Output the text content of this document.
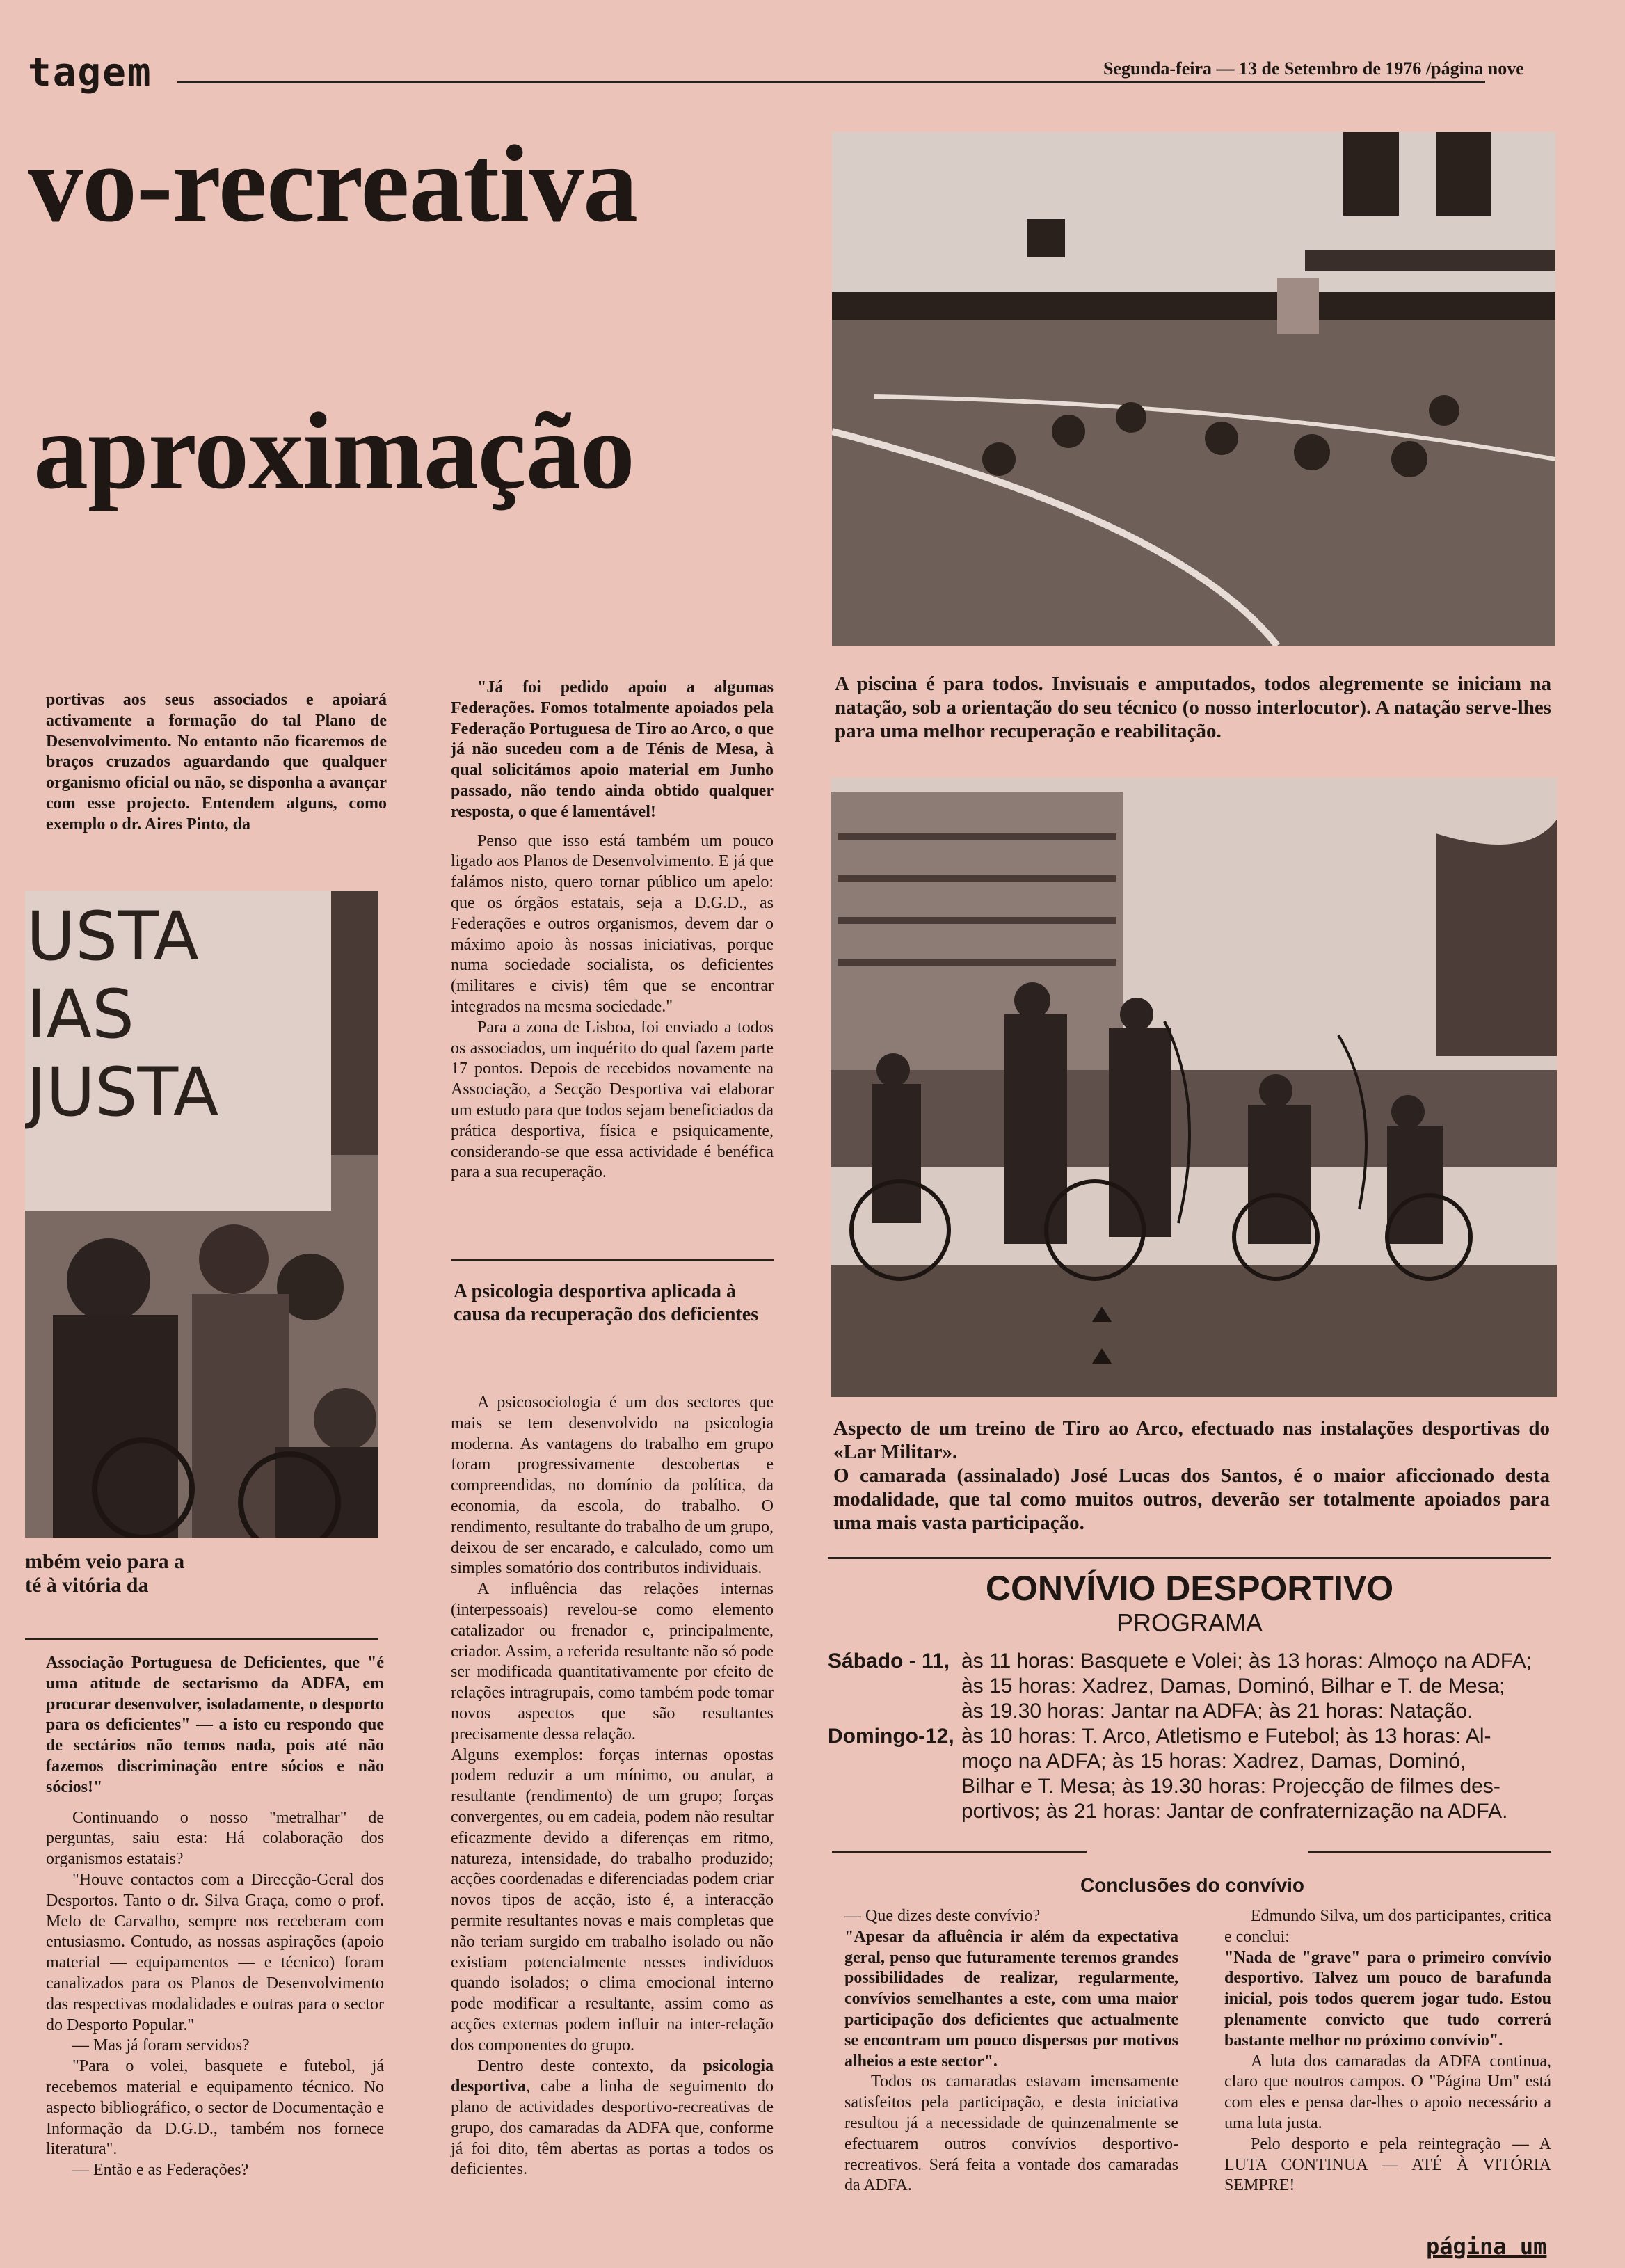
tagem	Segunda-feira — 13 de Setembro de 1976 /página nove
vo-recreativa
aproximação

portivas aos seus associados e apoiará activamente a formação do tal Plano de Desenvolvimento. No entanto não ficaremos de braços cruzados aguardando que qualquer organismo oficial ou não, se disponha a avançar com esse projecto. Entendem alguns, como exemplo o dr. Aires Pinto, da

USTA
IAS
JUSTA
mbém veio para a
té à vitória da

Associação Portuguesa de Deficientes, que "é uma atitude de sectarismo da ADFA, em procurar desenvolver, isoladamente, o desporto para os deficientes" — a isto eu respondo que de sectários não temos nada, pois até não fazemos discriminação entre sócios e não sócios!"

Continuando o nosso "metralhar" de perguntas, saiu esta: Há colaboração dos organismos estatais?

"Houve contactos com a Direcção-Geral dos Desportos. Tanto o dr. Silva Graça, como o prof. Melo de Carvalho, sempre nos receberam com entusiasmo. Contudo, as nossas aspirações (apoio material — equipamentos — e técnico) foram canalizados para os Planos de Desenvolvimento das respectivas modalidades e outras para o sector do Desporto Popular."

— Mas já foram servidos?

"Para o volei, basquete e futebol, já recebemos material e equipamento técnico. No aspecto bibliográfico, o sector de Documentação e Informação da D.G.D., também nos fornece literatura".

— Então e as Federações?

"Já foi pedido apoio a algumas Federações. Fomos totalmente apoiados pela Federação Portuguesa de Tiro ao Arco, o que já não sucedeu com a de Ténis de Mesa, à qual solicitámos apoio material em Junho passado, não tendo ainda obtido qualquer resposta, o que é lamentável!

Penso que isso está também um pouco ligado aos Planos de Desenvolvimento. E já que falámos nisto, quero tornar público um apelo: que os órgãos estatais, seja a D.G.D., as Federações e outros organismos, devem dar o máximo apoio às nossas iniciativas, porque numa sociedade socialista, os deficientes (militares e civis) têm que se encontrar integrados na mesma sociedade."

Para a zona de Lisboa, foi enviado a todos os associados, um inquérito do qual fazem parte 17 pontos. Depois de recebidos novamente na Associação, a Secção Desportiva vai elaborar um estudo para que todos sejam beneficiados da prática desportiva, física e psiquicamente, considerando-se que essa actividade é benéfica para a sua recuperação.

A psicologia desportiva aplicada à causa da recuperação dos deficientes

A psicosociologia é um dos sectores que mais se tem desenvolvido na psicologia moderna. As vantagens do trabalho em grupo foram progressivamente descobertas e compreendidas, no domínio da política, da economia, da escola, do trabalho. O rendimento, resultante do trabalho de um grupo, deixou de ser encarado, e calculado, como um simples somatório dos contributos individuais.

A influência das relações internas (interpessoais) revelou-se como elemento catalizador ou frenador e, principalmente, criador. Assim, a referida resultante não só pode ser modificada quantitativamente por efeito de relações intragrupais, como também pode tomar novos aspectos que são resultantes precisamente dessa relação.

Alguns exemplos: forças internas opostas podem reduzir a um mínimo, ou anular, a resultante (rendimento) de um grupo; forças convergentes, ou em cadeia, podem não resultar eficazmente devido a diferenças em ritmo, natureza, intensidade, do trabalho produzido; acções coordenadas e diferenciadas podem criar novos tipos de acção, isto é, a interacção permite resultantes novas e mais completas que não teriam surgido em trabalho isolado ou não existiam potencialmente nesses indivíduos quando isolados; o clima emocional interno pode modificar a resultante, assim como as acções externas podem influir na inter-relação dos componentes do grupo.

Dentro deste contexto, da psicologia desportiva, cabe a linha de seguimento do plano de actividades desportivo-recreativas de grupo, dos camaradas da ADFA que, conforme já foi dito, têm abertas as portas a todos os deficientes.

A piscina é para todos. Invisuais e amputados, todos alegremente se iniciam na natação, sob a orientação do seu técnico (o nosso interlocutor). A natação serve-lhes para uma melhor recuperação e reabilitação.
Aspecto de um treino de Tiro ao Arco, efectuado nas instalações desportivas do «Lar Militar».
O camarada (assinalado) José Lucas dos Santos, é o maior aficcionado desta modalidade, que tal como muitos outros, deverão ser totalmente apoiados para uma mais vasta participação.
CONVÍVIO DESPORTIVO
PROGRAMA
Sábado - 11, às 11 horas: Basquete e Volei; às 13 horas: Almoço na ADFA;
às 15 horas: Xadrez, Damas, Dominó, Bilhar e T. de Mesa;
às 19.30 horas: Jantar na ADFA; às 21 horas: Natação.
Domingo-12, às 10 horas: T. Arco, Atletismo e Futebol; às 13 horas: Al-
moço na ADFA; às 15 horas: Xadrez, Damas, Dominó,
Bilhar e T. Mesa; às 19.30 horas: Projecção de filmes des-
portivos; às 21 horas: Jantar de confraternização na ADFA.
Conclusões do convívio

— Que dizes deste convívio?

"Apesar da afluência ir além da expectativa geral, penso que futuramente teremos grandes possibilidades de realizar, regularmente, convívios semelhantes a este, com uma maior participação dos deficientes que actualmente se encontram um pouco dispersos por motivos alheios a este sector".

Todos os camaradas estavam imensamente satisfeitos pela participação, e desta iniciativa resultou já a necessidade de quinzenalmente se efectuarem outros convívios desportivo-recreativos. Será feita a vontade dos camaradas da ADFA.

Edmundo Silva, um dos participantes, critica e conclui:

"Nada de "grave" para o primeiro convívio desportivo. Talvez um pouco de barafunda inicial, pois todos querem jogar tudo. Estou plenamente convicto que tudo correrá bastante melhor no próximo convívio".

A luta dos camaradas da ADFA continua, claro que noutros campos. O "Página Um" está com eles e pensa dar-lhes o apoio necessário a uma luta justa.

Pelo desporto e pela reintegração — A LUTA CONTINUA — ATÉ À VITÓRIA SEMPRE!

página um
